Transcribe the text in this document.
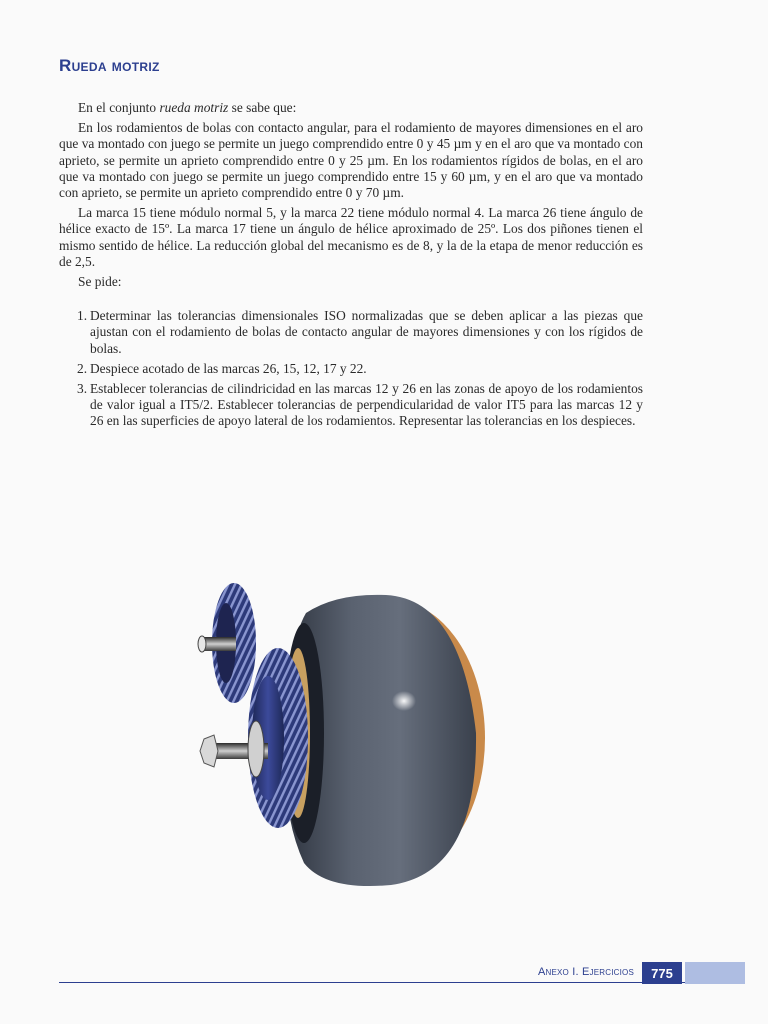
Rueda motriz

En el conjunto rueda motriz se sabe que:

En los rodamientos de bolas con contacto angular, para el rodamiento de mayores dimensiones en el aro que va montado con juego se permite un juego comprendido entre 0 y 45 µm y en el aro que va montado con aprieto, se permite un aprieto comprendido entre 0 y 25 µm. En los rodamientos rígidos de bolas, en el aro que va montado con juego se permite un juego comprendido entre 15 y 60 µm, y en el aro que va montado con aprieto, se permite un aprieto comprendido entre 0 y 70 µm.

La marca 15 tiene módulo normal 5, y la marca 22 tiene módulo normal 4. La marca 26 tiene ángulo de hélice exacto de 15º. La marca 17 tiene un ángulo de hélice aproximado de 25º. Los dos piñones tienen el mismo sentido de hélice. La reducción global del mecanismo es de 8, y la de la etapa de menor reducción es de 2,5.

Se pide:

1. Determinar las tolerancias dimensionales ISO normalizadas que se deben aplicar a las piezas que ajustan con el rodamiento de bolas de contacto angular de mayores dimensiones y con los rígidos de bolas.
2. Despiece acotado de las marcas 26, 15, 12, 17 y 22.
3. Establecer tolerancias de cilindricidad en las marcas 12 y 26 en las zonas de apoyo de los rodamientos de valor igual a IT5/2. Establecer tolerancias de perpendicularidad de valor IT5 para las marcas 12 y 26 en las superficies de apoyo lateral de los rodamientos. Representar las tolerancias en los despieces.
Anexo I. Ejercicios	775
